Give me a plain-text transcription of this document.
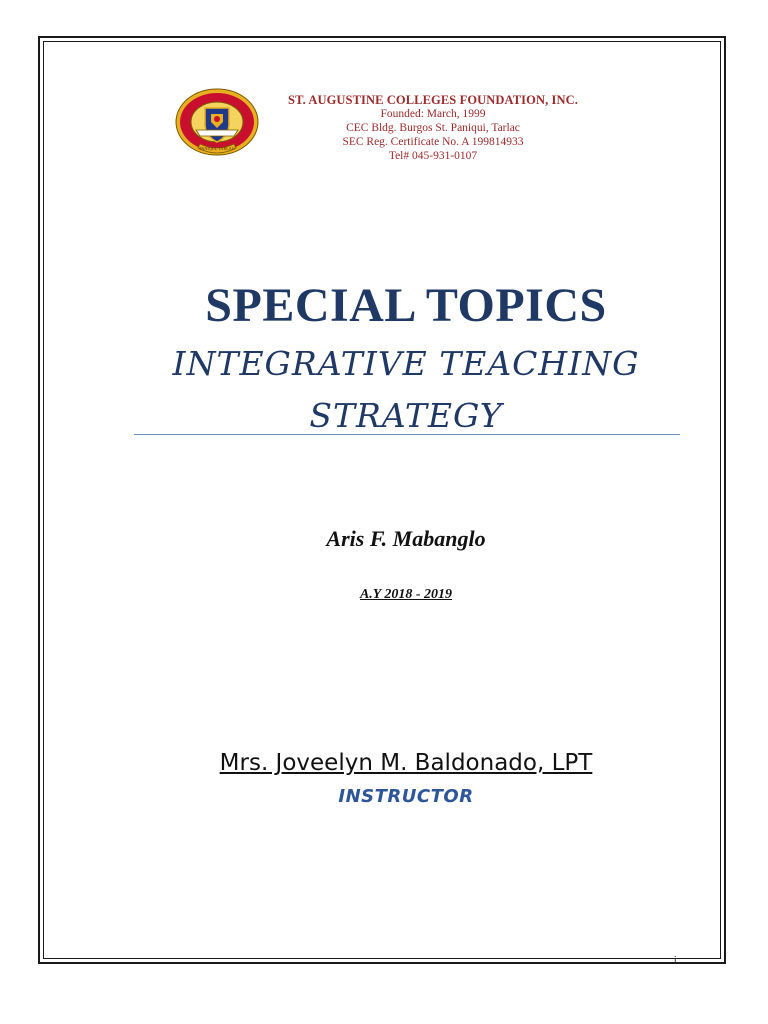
PANIQUI, TARLAC
ST. AUGUSTINE COLLEGES FOUNDATION, INC.
Founded: March, 1999
CEC Bldg. Burgos St. Paniqui, Tarlac
SEC Reg. Certificate No. A 199814933
Tel# 045-931-0107
SPECIAL TOPICS
INTEGRATIVE TEACHING
STRATEGY
Aris F. Mabanglo
A.Y 2018 - 2019
Mrs. Joveelyn M. Baldonado, LPT
INSTRUCTOR
i
